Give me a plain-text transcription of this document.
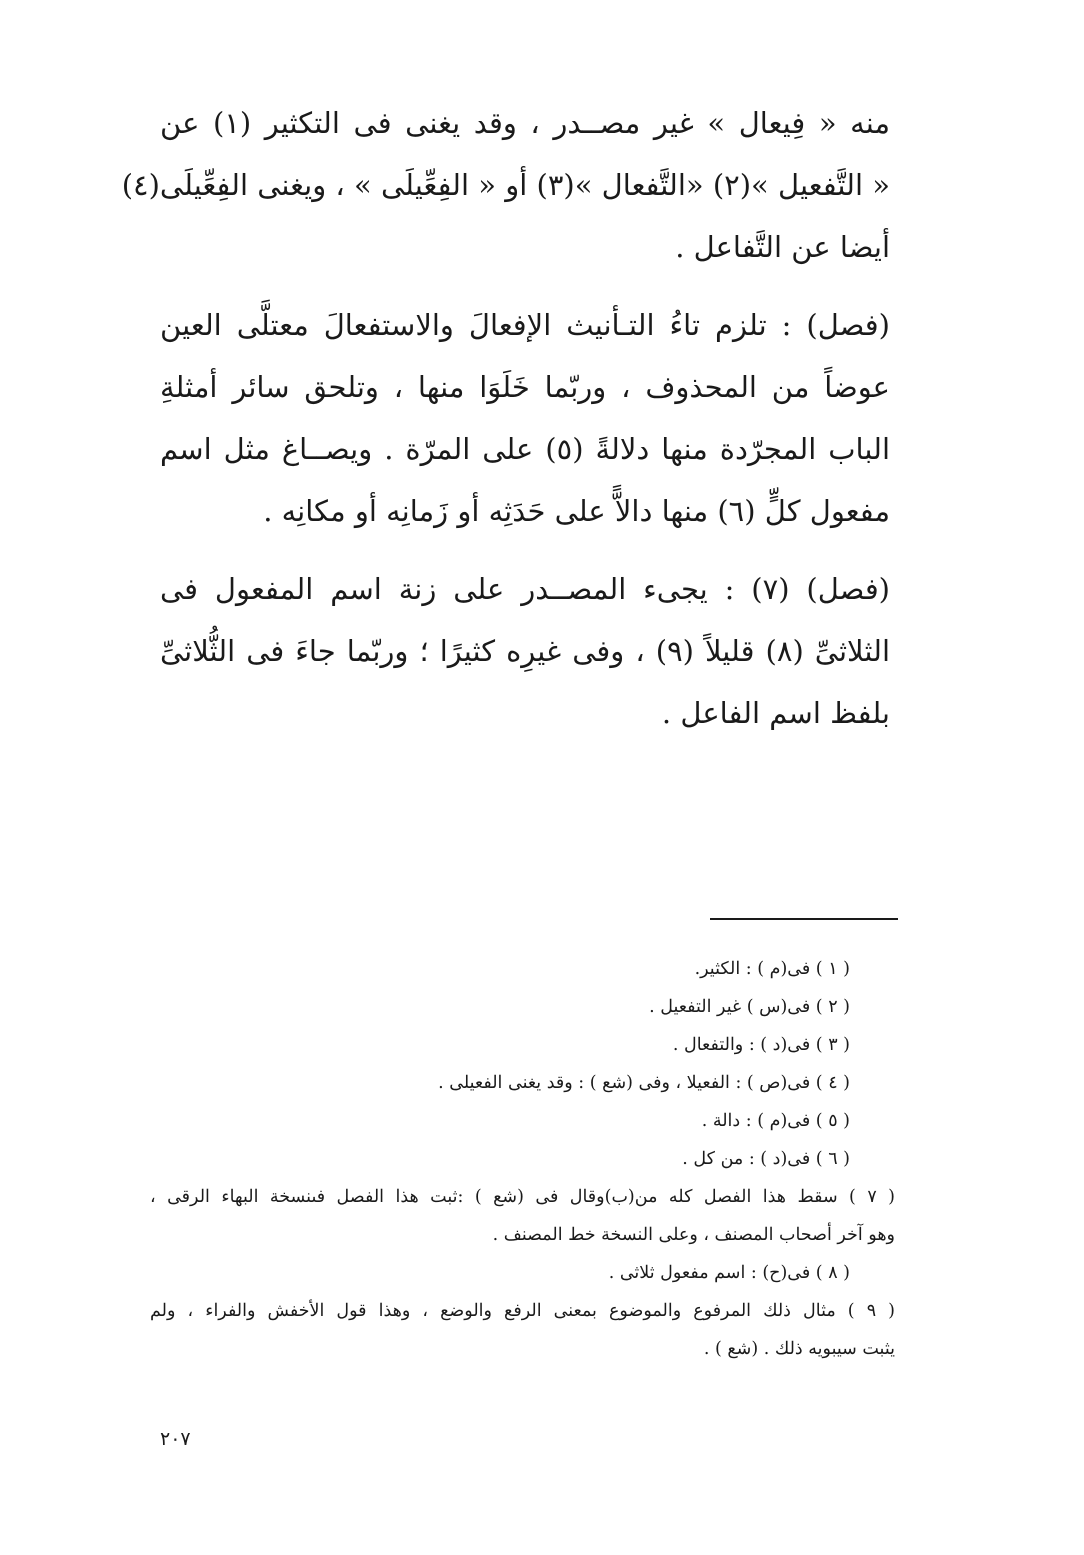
منه « فِيعال » غير مصــدر ، وقد يغنى فى التكثير (١) عن
« التَّفعيل »(٢) «التَّفعال »(٣) أو « الفِعِّيلَى » ، ويغنى الفِعِّيلَى(٤)
أيضا عن التَّفاعل .
(فصل) : تلزم تاءُ التـأنيث الإفعالَ والاستفعالَ معتلَّى العين
عوضاً من المحذوف ، وربّما خَلَوَا منها ، وتلحق سائر أمثلةِ
الباب المجرّدة منها دلالةً (٥) على المرّة . ويصــاغ مثل اسم
مفعول كلٍّ (٦) منها دالاًّ على حَدَثِه أو زَمانِه أو مكانِه .
(فصل) (٧) : يجىء المصــدر على زنة اسم المفعول فى
الثلاثىِّ (٨) قليلاً (٩) ، وفى غيرِه كثيرًا ؛ وربّما جاءَ فى الثُّلاثىِّ
بلفظ اسم الفاعل .
( ١ ) فى(م ) : الكثير.
( ٢ ) فى(س ) غير التفعيل .
( ٣ ) فى(د ) : والتفعال .
( ٤ ) فى(ص ) : الفعيلا ، وفى (شع ) : وقد يغنى الفعيلى .
( ٥ ) فى(م ) : دالة .
( ٦ ) فى(د ) : من كل .
( ٧ ) سقط هذا الفصل كله من(ب)وقال فى (شع ) :ثبت هذا الفصل فىنسخة البهاء الرقى ،
وهو آخر أصحاب المصنف ، وعلى النسخة خط المصنف .
( ٨ ) فى(ح) : اسم مفعول ثلاثى .
( ٩ ) مثال ذلك المرفوع والموضوع بمعنى الرفع والوضع ، وهذا قول الأخفش والفراء ، ولم
يثبت سيبويه ذلك . (شع ) .
٢٠٧
